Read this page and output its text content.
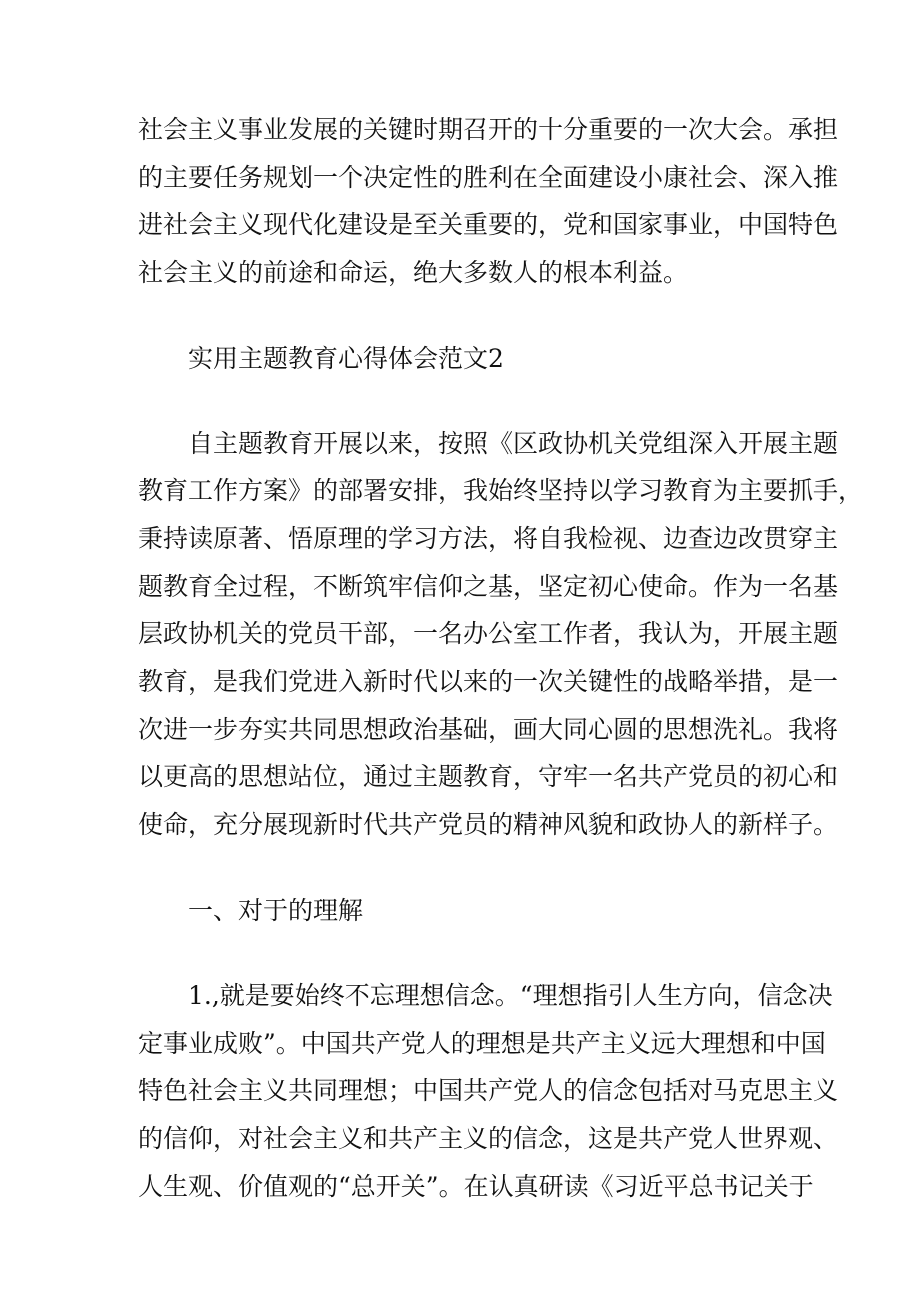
社会主义事业发展的关键时期召开的十分重要的一次大会。承担
的主要任务规划一个决定性的胜利在全面建设小康社会、深入推
进社会主义现代化建设是至关重要的，党和国家事业，中国特色
社会主义的前途和命运，绝大多数人的根本利益。
实用主题教育心得体会范文2
自主题教育开展以来，按照《区政协机关党组深入开展主题
教育工作方案》的部署安排，我始终坚持以学习教育为主要抓手，
秉持读原著、悟原理的学习方法，将自我检视、边查边改贯穿主
题教育全过程，不断筑牢信仰之基，坚定初心使命。作为一名基
层政协机关的党员干部，一名办公室工作者，我认为，开展主题
教育，是我们党进入新时代以来的一次关键性的战略举措，是一
次进一步夯实共同思想政治基础，画大同心圆的思想洗礼。我将
以更高的思想站位，通过主题教育，守牢一名共产党员的初心和
使命，充分展现新时代共产党员的精神风貌和政协人的新样子。
一、对于的理解
1.,就是要始终不忘理想信念。“理想指引人生方向，信念决
定事业成败”。中国共产党人的理想是共产主义远大理想和中国
特色社会主义共同理想；中国共产党人的信念包括对马克思主义
的信仰，对社会主义和共产主义的信念，这是共产党人世界观、
人生观、价值观的“总开关”。在认真研读《习近平总书记关于
